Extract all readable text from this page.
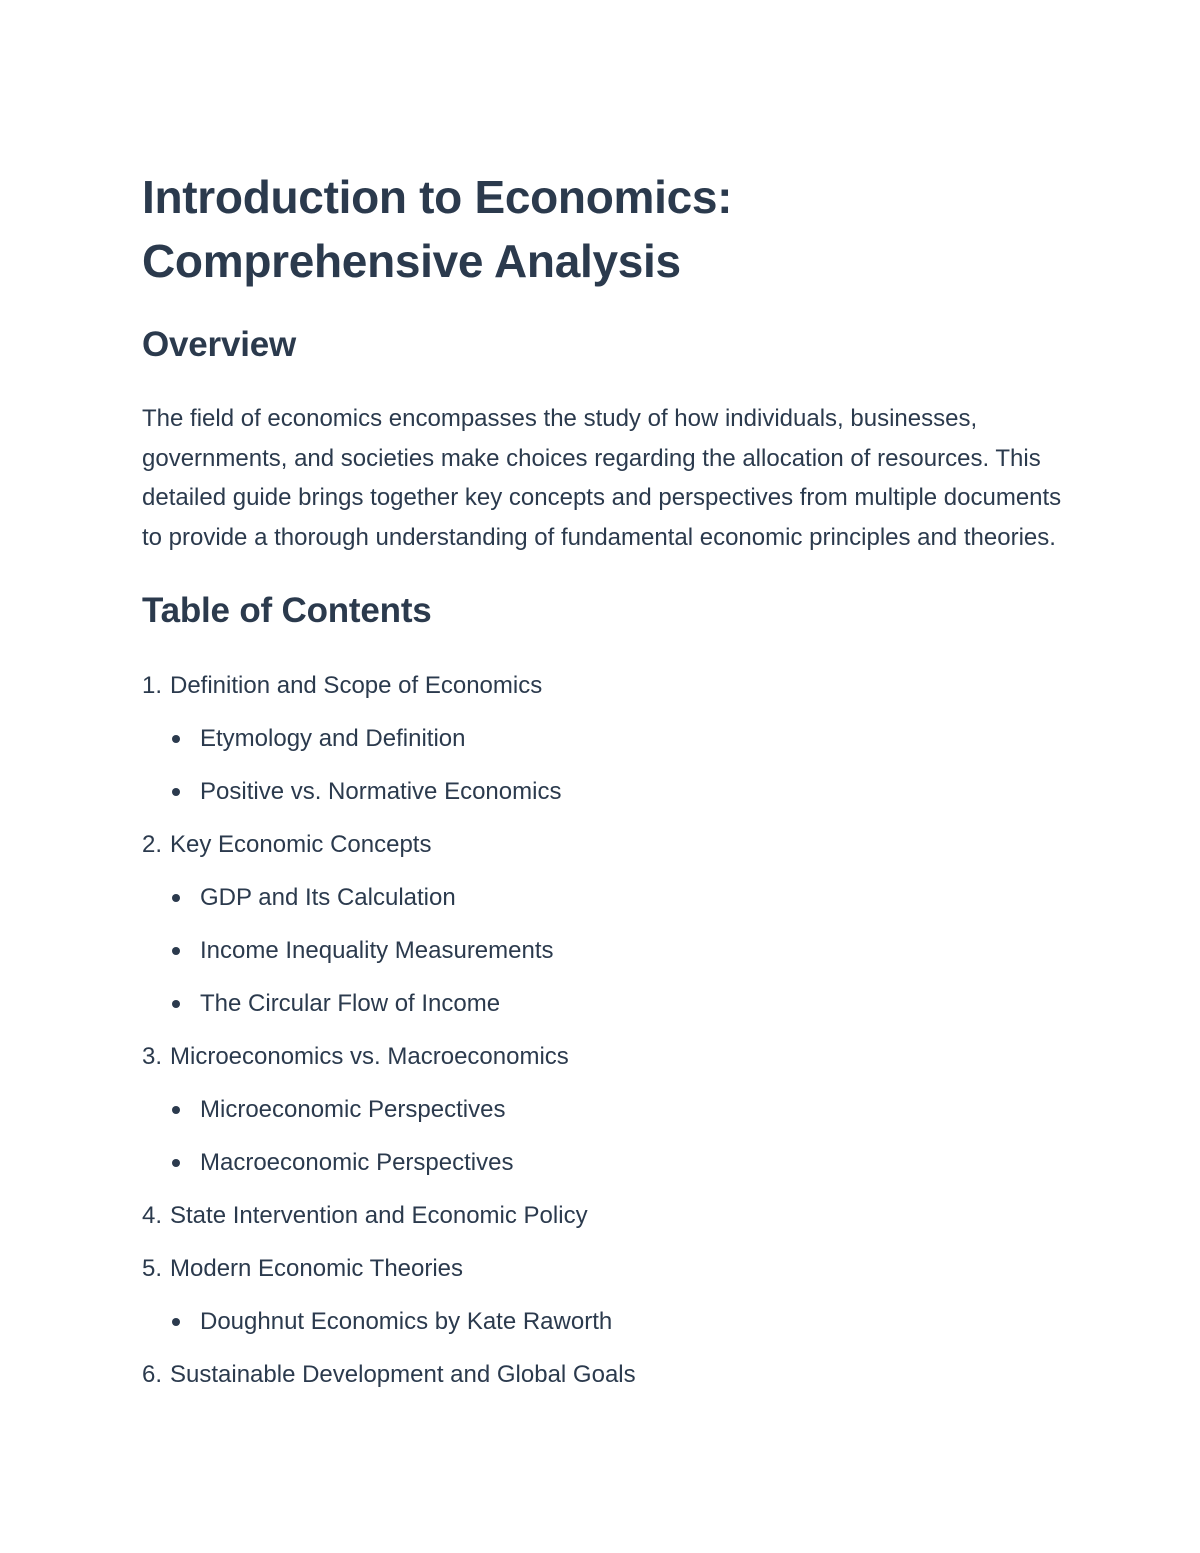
Introduction to Economics:
Comprehensive Analysis
Overview

The field of economics encompasses the study of how individuals, businesses, governments, and societies make choices regarding the allocation of resources. This detailed guide brings together key concepts and perspectives from multiple documents to provide a thorough understanding of fundamental economic principles and theories.

Table of Contents
1. Definition and Scope of Economics
Etymology and Definition
Positive vs. Normative Economics
2. Key Economic Concepts
GDP and Its Calculation
Income Inequality Measurements
The Circular Flow of Income
3. Microeconomics vs. Macroeconomics
Microeconomic Perspectives
Macroeconomic Perspectives
4. State Intervention and Economic Policy
5. Modern Economic Theories
Doughnut Economics by Kate Raworth
6. Sustainable Development and Global Goals
